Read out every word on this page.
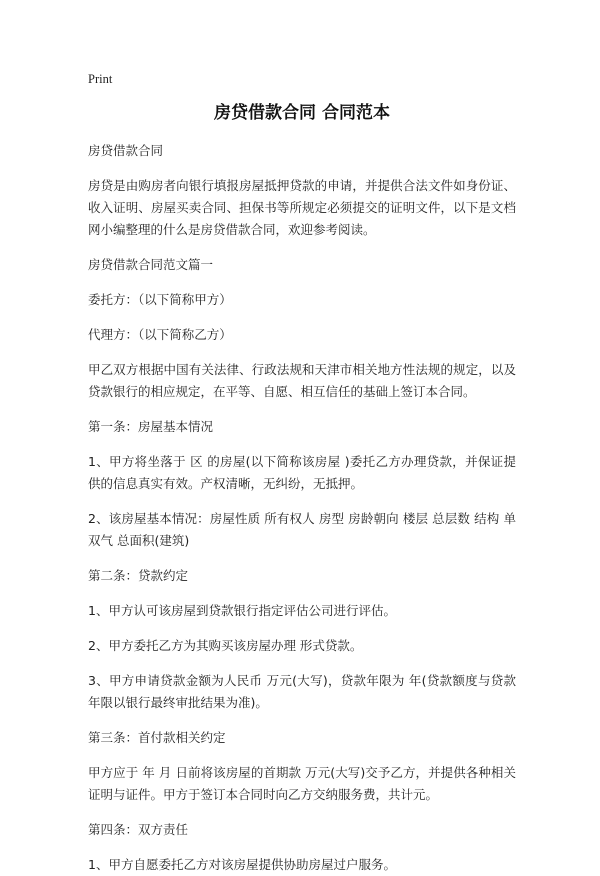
Print
房贷借款合同 合同范本

房贷借款合同

房贷是由购房者向银行填报房屋抵押贷款的申请，并提供合法文件如身份证、收入证明、房屋买卖合同、担保书等所规定必须提交的证明文件，以下是文档网小编整理的什么是房贷借款合同，欢迎参考阅读。

房贷借款合同范文篇一

委托方：（以下简称甲方）

代理方：（以下简称乙方）

甲乙双方根据中国有关法律、行政法规和天津市相关地方性法规的规定，以及贷款银行的相应规定，在平等、自愿、相互信任的基础上签订本合同。

第一条：房屋基本情况

1、甲方将坐落于 区 的房屋(以下简称该房屋 )委托乙方办理贷款，并保证提供的信息真实有效。产权清晰，无纠纷，无抵押。

2、该房屋基本情况：房屋性质 所有权人 房型 房龄朝向 楼层 总层数 结构 单双气 总面积(建筑)

第二条：贷款约定

1、甲方认可该房屋到贷款银行指定评估公司进行评估。

2、甲方委托乙方为其购买该房屋办理 形式贷款。

3、甲方申请贷款金额为人民币 万元(大写)，贷款年限为 年(贷款额度与贷款年限以银行最终审批结果为准)。

第三条：首付款相关约定

甲方应于 年 月 日前将该房屋的首期款 万元(大写)交予乙方，并提供各种相关证明与证件。甲方于签订本合同时向乙方交纳服务费，共计元。

第四条：双方责任

1、甲方自愿委托乙方对该房屋提供协助房屋过户服务。
